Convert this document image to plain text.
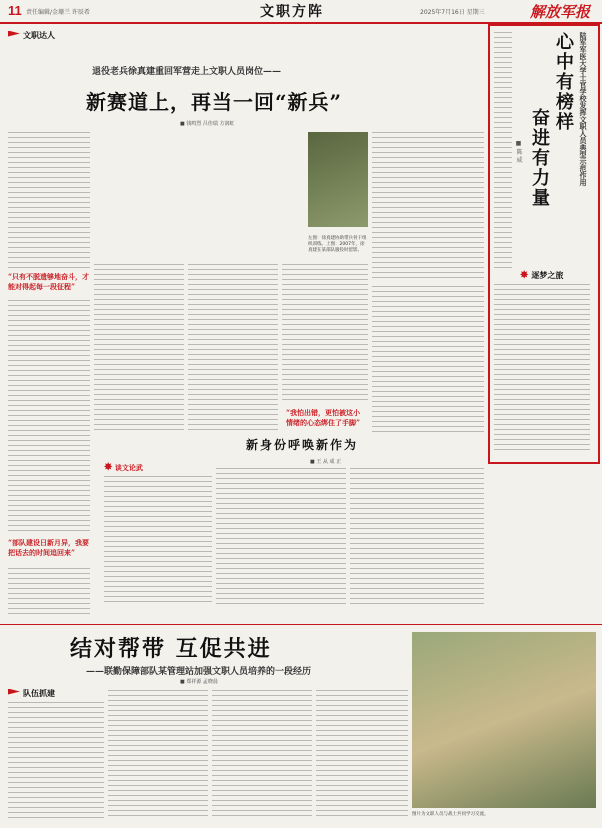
11 责任编辑/金珊兰 许辰希	文职方阵	2025年7月16日 星期三	解放军报
文职达人
退役老兵徐真建重回军营走上文职人员岗位——
新赛道上，再当一回“新兵”
■ 钱鸣烈 吕佳瑞 方润虹
左图：徐真建协助带兵骨干组织训练。上图：2007年，徐真建在某部队服役时留影。
“只有不脱遗够地奋斗，才能对得起每一段征程”
“部队建设日新月异，我要把话去的时间追回来”
“我怕出错，更怕被这小情绪的心态绑住了手脚”
陆军军医大学士官学校发挥文职人员典型示范作用
心中有榜样
奋进有力量
■ 陈 威
✸ 逐梦之旅
新身份呼唤新作为
■ 王 从 成 正
✸ 谈文论武
结对帮带 互促共进
——联勤保障部队某管理站加强文职人员培养的一段经历
■ 郑祥源 孟晓晨
队伍抓建
图片为文职人员与战士共同学习交流。
